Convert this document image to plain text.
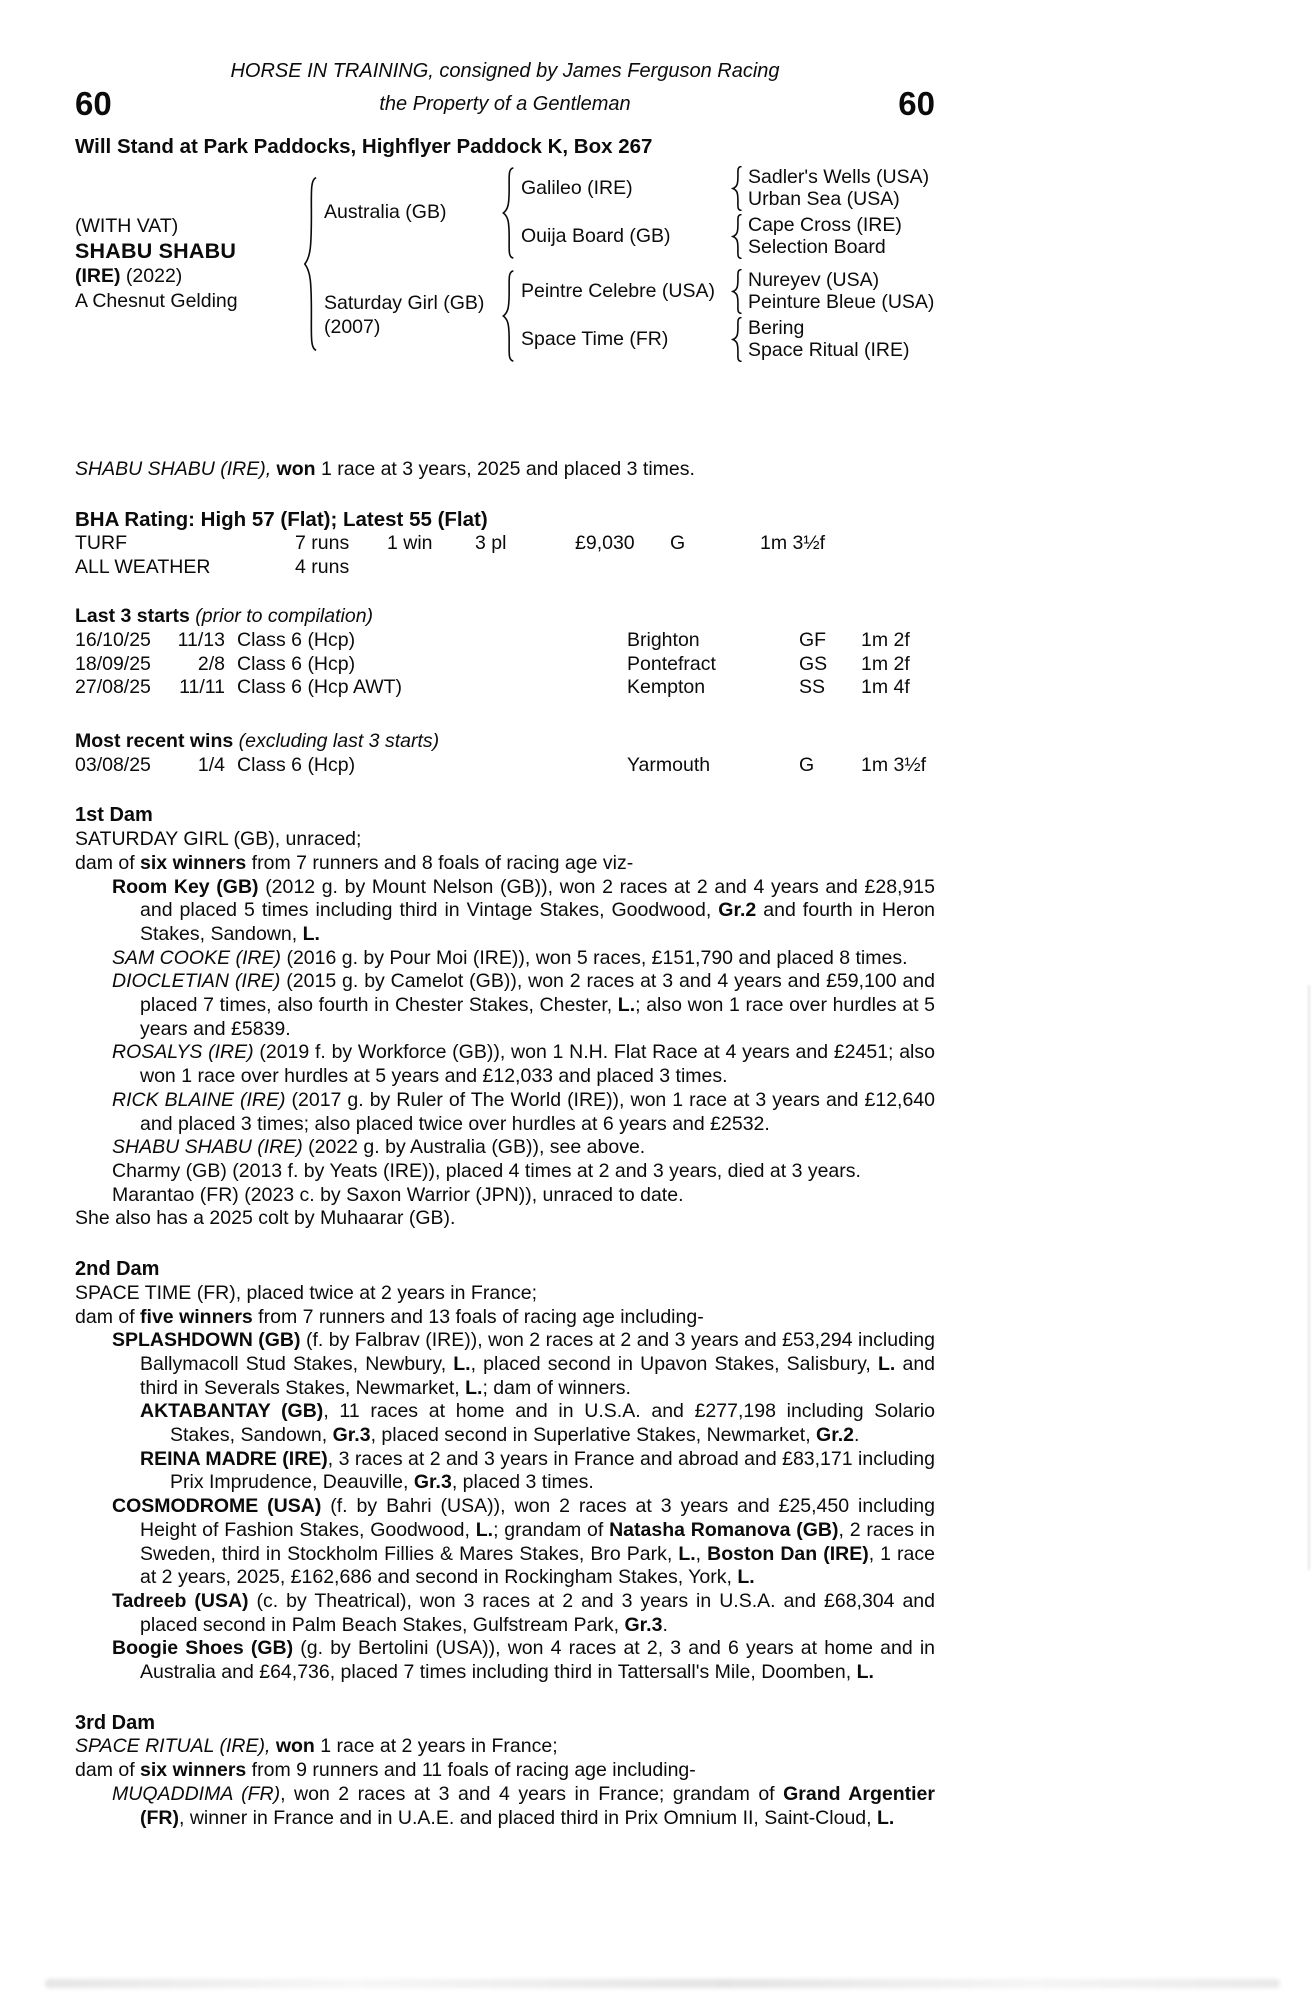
HORSE IN TRAINING, consigned by James Ferguson Racing
60	the Property of a Gentleman	60
Will Stand at Park Paddocks, Highflyer Paddock K, Box 267
(WITH VAT)
SHABU SHABU
(IRE) (2022)
A Chesnut Gelding
Australia (GB)
Galileo (IRE)	Sadler's Wells (USA)
Urban Sea (USA)
Ouija Board (GB)	Cape Cross (IRE)
Selection Board
Saturday Girl (GB)
(2007)
Peintre Celebre (USA)	Nureyev (USA)
Peinture Bleue (USA)
Space Time (FR)	Bering
Space Ritual (IRE)

SHABU SHABU (IRE), won 1 race at 3 years, 2025 and placed 3 times.

BHA Rating: High 57 (Flat); Latest 55 (Flat)
TURF	7 runs	1 win	3 pl	£9,030	G	1m 3½f
ALL WEATHER	4 runs
Last 3 starts (prior to compilation)
16/10/25	11/13 Class 6 (Hcp)	Brighton	GF	1m 2f
18/09/25	2/8 Class 6 (Hcp)	Pontefract	GS	1m 2f
27/08/25	11/11 Class 6 (Hcp AWT)	Kempton	SS	1m 4f
Most recent wins (excluding last 3 starts)
03/08/25	1/4 Class 6 (Hcp)	Yarmouth	G	1m 3½f
1st Dam

SATURDAY GIRL (GB), unraced;

dam of six winners from 7 runners and 8 foals of racing age viz-

Room Key (GB) (2012 g. by Mount Nelson (GB)), won 2 races at 2 and 4 years and £28,915 and placed 5 times including third in Vintage Stakes, Goodwood, Gr.2 and fourth in Heron Stakes, Sandown, L.

SAM COOKE (IRE) (2016 g. by Pour Moi (IRE)), won 5 races, £151,790 and placed 8 times.

DIOCLETIAN (IRE) (2015 g. by Camelot (GB)), won 2 races at 3 and 4 years and £59,100 and placed 7 times, also fourth in Chester Stakes, Chester, L.; also won 1 race over hurdles at 5 years and £5839.

ROSALYS (IRE) (2019 f. by Workforce (GB)), won 1 N.H. Flat Race at 4 years and £2451; also won 1 race over hurdles at 5 years and £12,033 and placed 3 times.

RICK BLAINE (IRE) (2017 g. by Ruler of The World (IRE)), won 1 race at 3 years and £12,640 and placed 3 times; also placed twice over hurdles at 6 years and £2532.

SHABU SHABU (IRE) (2022 g. by Australia (GB)), see above.

Charmy (GB) (2013 f. by Yeats (IRE)), placed 4 times at 2 and 3 years, died at 3 years.

Marantao (FR) (2023 c. by Saxon Warrior (JPN)), unraced to date.

She also has a 2025 colt by Muhaarar (GB).

2nd Dam

SPACE TIME (FR), placed twice at 2 years in France;

dam of five winners from 7 runners and 13 foals of racing age including-

SPLASHDOWN (GB) (f. by Falbrav (IRE)), won 2 races at 2 and 3 years and £53,294 including Ballymacoll Stud Stakes, Newbury, L., placed second in Upavon Stakes, Salisbury, L. and third in Severals Stakes, Newmarket, L.; dam of winners.

AKTABANTAY (GB), 11 races at home and in U.S.A. and £277,198 including Solario Stakes, Sandown, Gr.3, placed second in Superlative Stakes, Newmarket, Gr.2.

REINA MADRE (IRE), 3 races at 2 and 3 years in France and abroad and £83,171 including Prix Imprudence, Deauville, Gr.3, placed 3 times.

COSMODROME (USA) (f. by Bahri (USA)), won 2 races at 3 years and £25,450 including Height of Fashion Stakes, Goodwood, L.; grandam of Natasha Romanova (GB), 2 races in Sweden, third in Stockholm Fillies & Mares Stakes, Bro Park, L., Boston Dan (IRE), 1 race at 2 years, 2025, £162,686 and second in Rockingham Stakes, York, L.

Tadreeb (USA) (c. by Theatrical), won 3 races at 2 and 3 years in U.S.A. and £68,304 and placed second in Palm Beach Stakes, Gulfstream Park, Gr.3.

Boogie Shoes (GB) (g. by Bertolini (USA)), won 4 races at 2, 3 and 6 years at home and in Australia and £64,736, placed 7 times including third in Tattersall's Mile, Doomben, L.

3rd Dam

SPACE RITUAL (IRE), won 1 race at 2 years in France;

dam of six winners from 9 runners and 11 foals of racing age including-

MUQADDIMA (FR), won 2 races at 3 and 4 years in France; grandam of Grand Argentier (FR), winner in France and in U.A.E. and placed third in Prix Omnium II, Saint-Cloud, L.
